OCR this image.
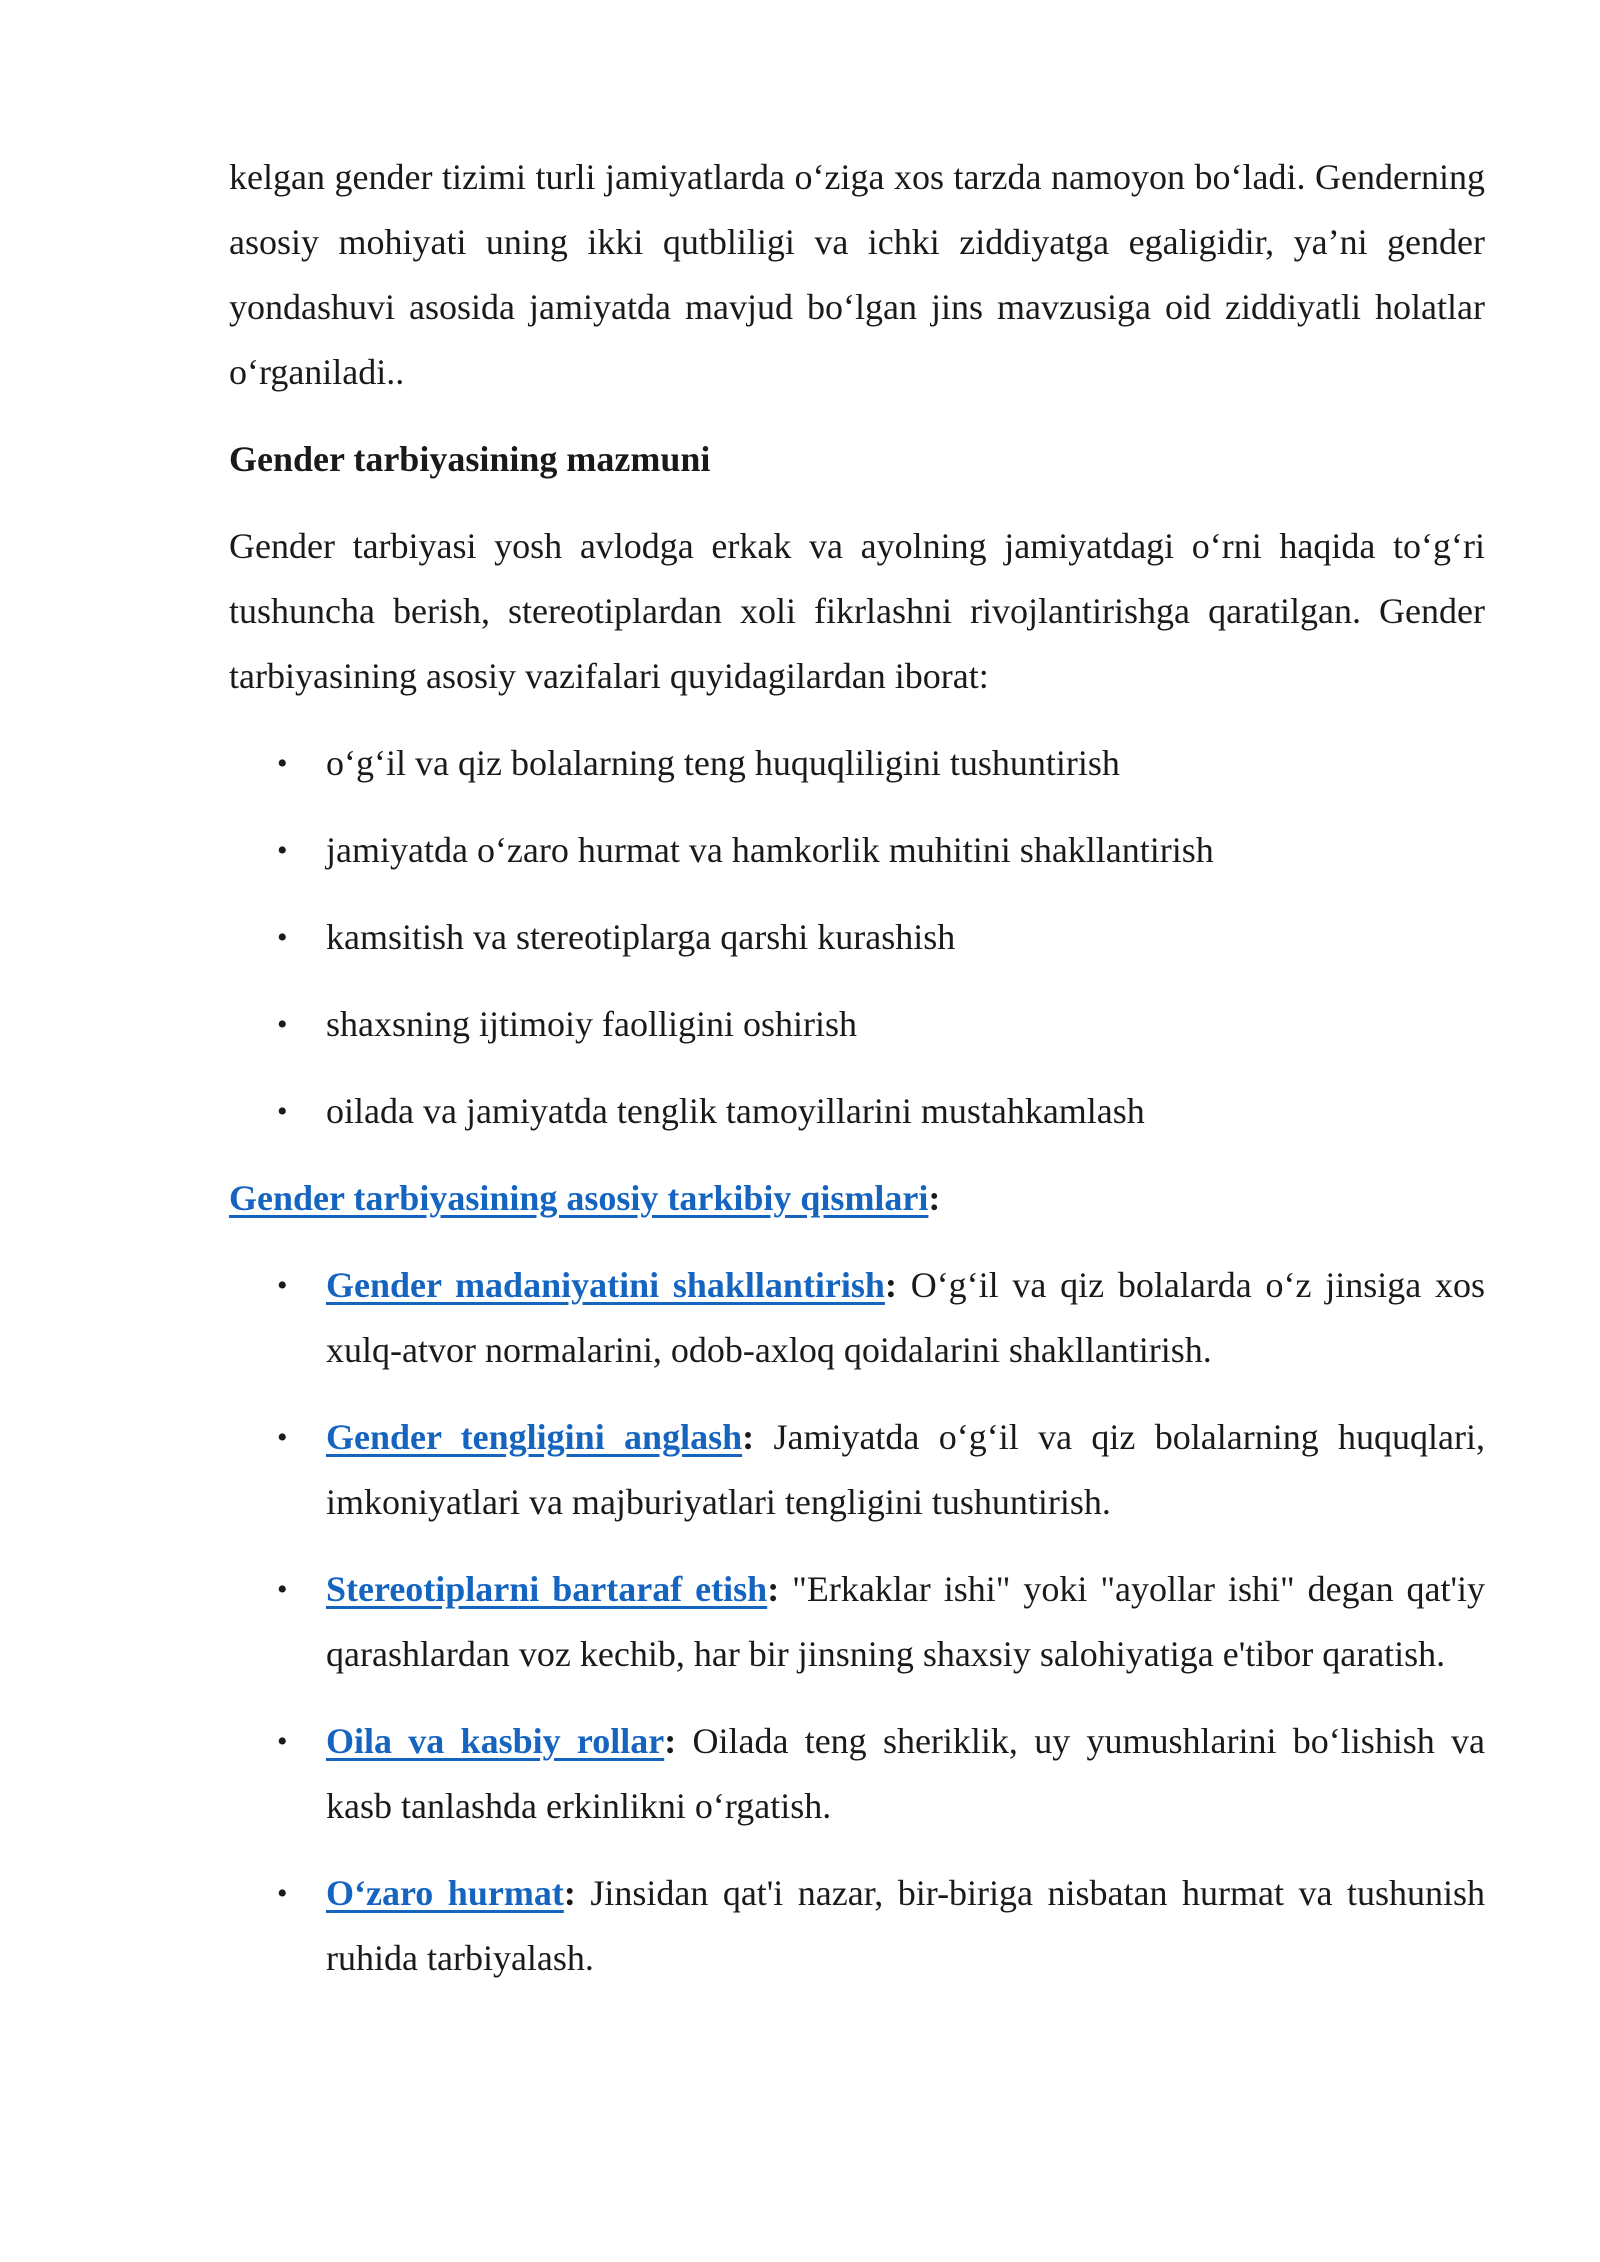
kelgan gender tizimi turli jamiyatlarda o‘ziga xos tarzda namoyon bo‘ladi. Genderning asosiy mohiyati uning ikki qutbliligi va ichki ziddiyatga egaligidir, ya’ni gender yondashuvi asosida jamiyatda mavjud bo‘lgan jins mavzusiga oid ziddiyatli holatlar o‘rganiladi..

Gender tarbiyasining mazmuni

Gender tarbiyasi yosh avlodga erkak va ayolning jamiyatdagi o‘rni haqida to‘g‘ri tushuncha berish, stereotiplardan xoli fikrlashni rivojlantirishga qaratilgan. Gender tarbiyasining asosiy vazifalari quyidagilardan iborat:

• o‘g‘il va qiz bolalarning teng huquqliligini tushuntirish
• jamiyatda o‘zaro hurmat va hamkorlik muhitini shakllantirish
• kamsitish va stereotiplarga qarshi kurashish
• shaxsning ijtimoiy faolligini oshirish
• oilada va jamiyatda tenglik tamoyillarini mustahkamlash
Gender tarbiyasining asosiy tarkibiy qismlari:
• Gender madaniyatini shakllantirish: O‘g‘il va qiz bolalarda o‘z jinsiga xos xulq-atvor normalarini, odob-axloq qoidalarini shakllantirish.
• Gender tengligini anglash: Jamiyatda o‘g‘il va qiz bolalarning huquqlari, imkoniyatlari va majburiyatlari tengligini tushuntirish.
• Stereotiplarni bartaraf etish: "Erkaklar ishi" yoki "ayollar ishi" degan qat'iy qarashlardan voz kechib, har bir jinsning shaxsiy salohiyatiga e'tibor qaratish.
• Oila va kasbiy rollar: Oilada teng sheriklik, uy yumushlarini bo‘lishish va kasb tanlashda erkinlikni o‘rgatish.
• O‘zaro hurmat: Jinsidan qat'i nazar, bir-biriga nisbatan hurmat va tushunish ruhida tarbiyalash.
